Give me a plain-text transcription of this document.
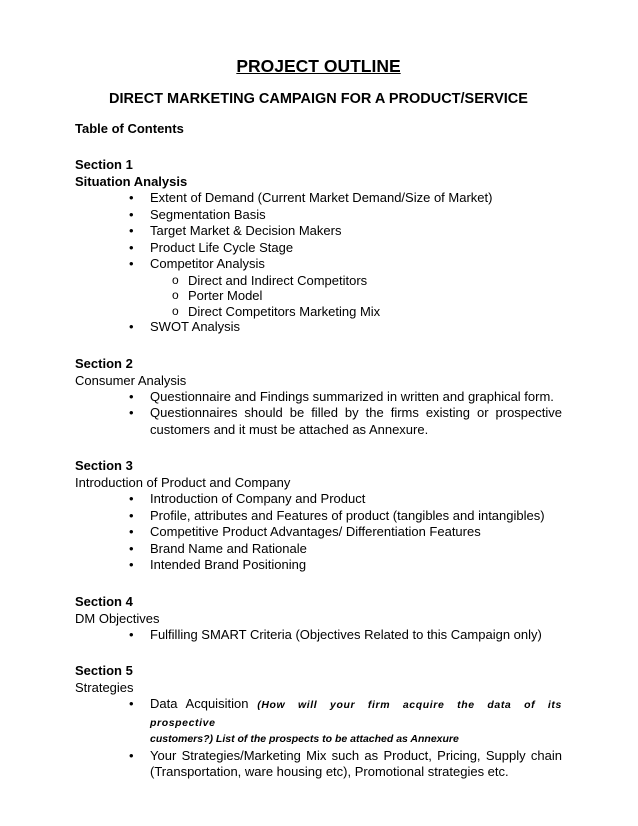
PROJECT OUTLINE
DIRECT MARKETING CAMPAIGN FOR A PRODUCT/SERVICE
Table of Contents
Section 1
Situation Analysis
• Extent of Demand (Current Market Demand/Size of Market)
• Segmentation Basis
• Target Market & Decision Makers
• Product Life Cycle Stage
• Competitor Analysis
o Direct and Indirect Competitors
o Porter Model
o Direct Competitors Marketing Mix
• SWOT Analysis
Section 2
Consumer Analysis
• Questionnaire and Findings summarized in written and graphical form.
• Questionnaires should be filled by the firms existing or prospective customers and it must be attached as Annexure.
Section 3
Introduction of Product and Company
• Introduction of Company and Product
• Profile, attributes and Features of product (tangibles and intangibles)
• Competitive Product Advantages/ Differentiation Features
• Brand Name and Rationale
• Intended Brand Positioning
Section 4
DM Objectives
• Fulfilling SMART Criteria (Objectives Related to this Campaign only)
Section 5
Strategies
• Data Acquisition (How will your firm acquire the data of its prospective
customers?) List of the prospects to be attached as Annexure
• Your Strategies/Marketing Mix such as Product, Pricing, Supply chain (Transportation, ware housing etc), Promotional strategies etc.
